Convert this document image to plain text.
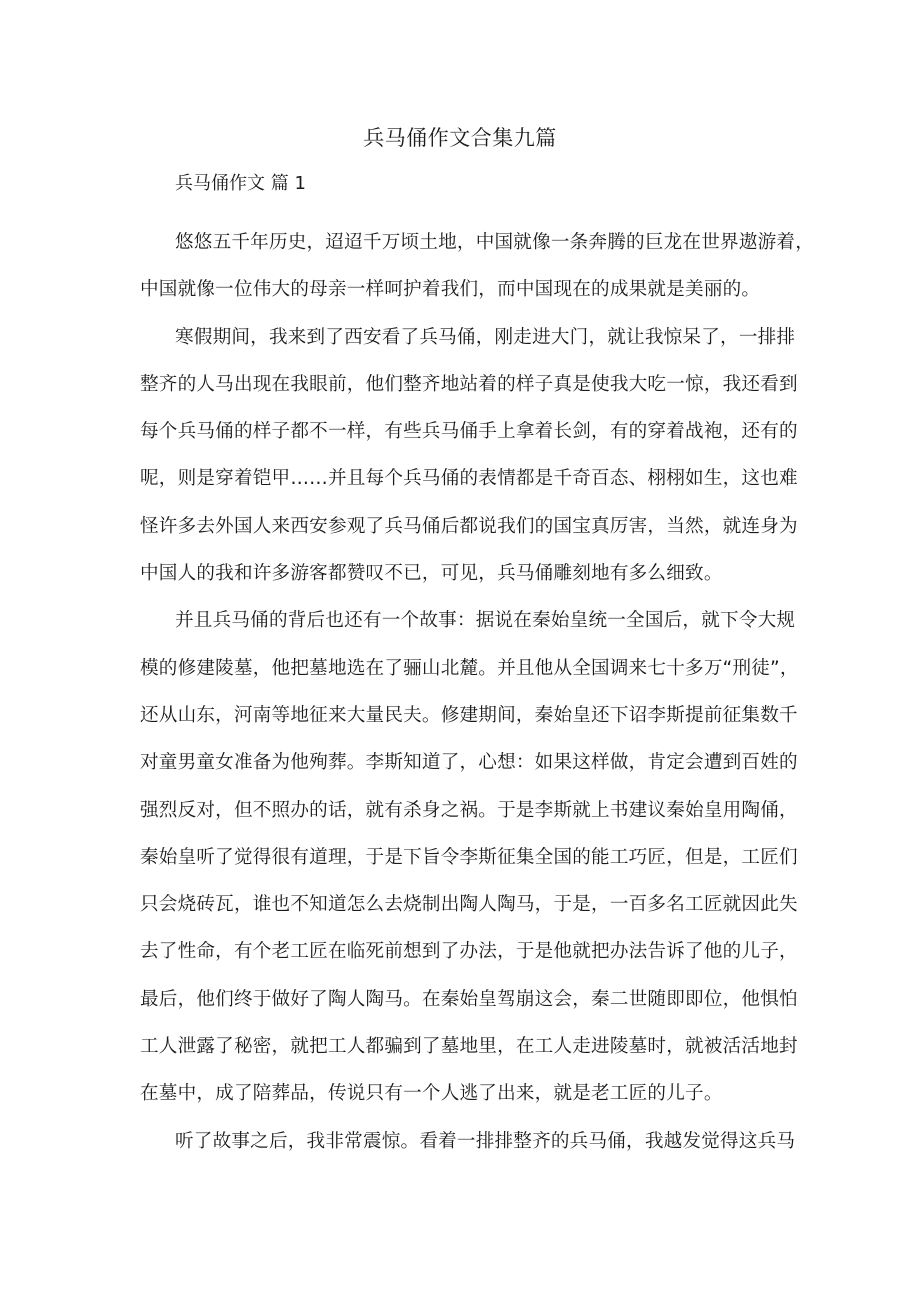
兵马俑作文合集九篇
兵马俑作文 篇 1

悠悠五千年历史，迢迢千万顷土地，中国就像一条奔腾的巨龙在世界遨游着，
中国就像一位伟大的母亲一样呵护着我们，而中国现在的成果就是美丽的。

寒假期间，我来到了西安看了兵马俑，刚走进大门，就让我惊呆了，一排排
整齐的人马出现在我眼前，他们整齐地站着的样子真是使我大吃一惊，我还看到
每个兵马俑的样子都不一样，有些兵马俑手上拿着长剑，有的穿着战袍，还有的
呢，则是穿着铠甲……并且每个兵马俑的表情都是千奇百态、栩栩如生，这也难
怪许多去外国人来西安参观了兵马俑后都说我们的国宝真厉害，当然，就连身为
中国人的我和许多游客都赞叹不已，可见，兵马俑雕刻地有多么细致。

并且兵马俑的背后也还有一个故事：据说在秦始皇统一全国后，就下令大规
模的修建陵墓，他把墓地选在了骊山北麓。并且他从全国调来七十多万“刑徒”，
还从山东，河南等地征来大量民夫。修建期间，秦始皇还下诏李斯提前征集数千
对童男童女准备为他殉葬。李斯知道了，心想：如果这样做，肯定会遭到百姓的
强烈反对，但不照办的话，就有杀身之祸。于是李斯就上书建议秦始皇用陶俑，
秦始皇听了觉得很有道理，于是下旨令李斯征集全国的能工巧匠，但是，工匠们
只会烧砖瓦，谁也不知道怎么去烧制出陶人陶马，于是，一百多名工匠就因此失
去了性命，有个老工匠在临死前想到了办法，于是他就把办法告诉了他的儿子，
最后，他们终于做好了陶人陶马。在秦始皇驾崩这会，秦二世随即即位，他惧怕
工人泄露了秘密，就把工人都骗到了墓地里，在工人走进陵墓时，就被活活地封
在墓中，成了陪葬品，传说只有一个人逃了出来，就是老工匠的儿子。

听了故事之后，我非常震惊。看着一排排整齐的兵马俑，我越发觉得这兵马
